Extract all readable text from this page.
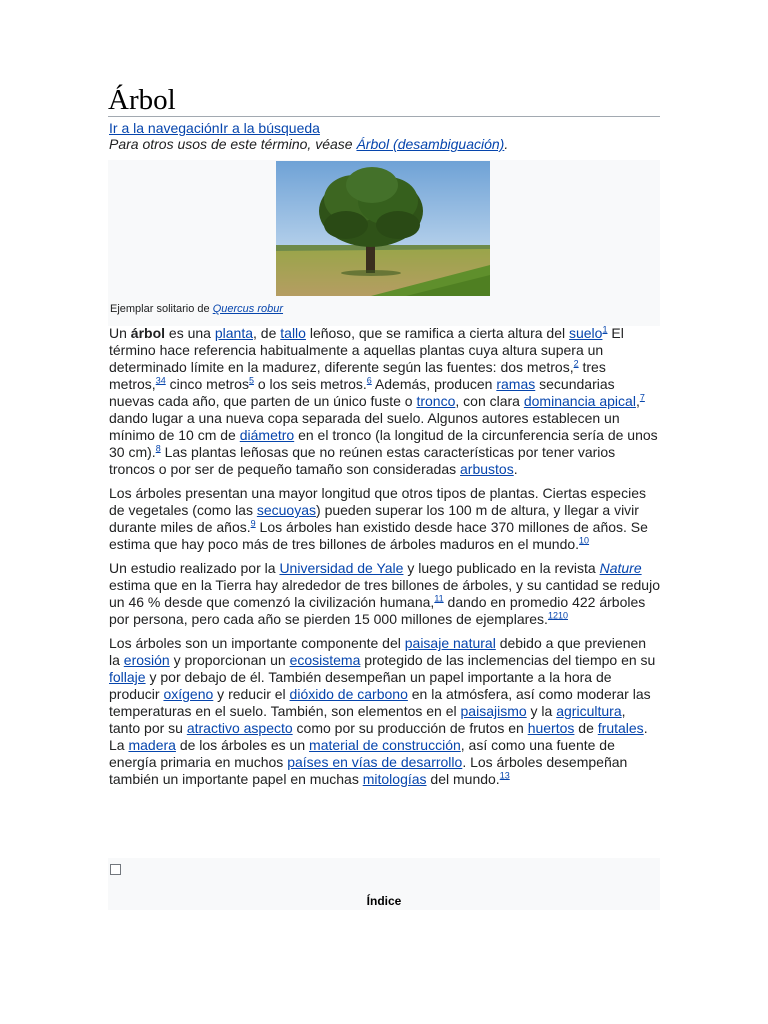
Árbol
Ir a la navegaciónIr a la búsqueda
Para otros usos de este término, véase Árbol (desambiguación).
Ejemplar solitario de Quercus robur

Un árbol es una planta, de tallo leñoso, que se ramifica a cierta altura del suelo$^1$ El término hace referencia habitualmente a aquellas plantas cuya altura supera un determinado límite en la madurez, diferente según las fuentes: dos metros,$^2$ tres metros,$^{34}$ cinco metros$^5$ o los seis metros.$^6$ Además, producen ramas secundarias nuevas cada año, que parten de un único fuste o tronco, con clara dominancia apical,$^7$ dando lugar a una nueva copa separada del suelo. Algunos autores establecen un mínimo de 10 cm de diámetro en el tronco (la longitud de la circunferencia sería de unos 30 cm).$^8$ Las plantas leñosas que no reúnen estas características por tener varios troncos o por ser de pequeño tamaño son consideradas arbustos.

Los árboles presentan una mayor longitud que otros tipos de plantas. Ciertas especies de vegetales (como las secuoyas) pueden superar los 100 m de altura, y llegar a vivir durante miles de años.$^9$ Los árboles han existido desde hace 370 millones de años. Se estima que hay poco más de tres billones de árboles maduros en el mundo.$^{10}$

Un estudio realizado por la Universidad de Yale y luego publicado en la revista Nature estima que en la Tierra hay alrededor de tres billones de árboles, y su cantidad se redujo un 46 % desde que comenzó la civilización humana,$^{11}$ dando en promedio 422 árboles por persona, pero cada año se pierden 15 000 millones de ejemplares.$^{1210}$

Los árboles son un importante componente del paisaje natural debido a que previenen la erosión y proporcionan un ecosistema protegido de las inclemencias del tiempo en su follaje y por debajo de él. También desempeñan un papel importante a la hora de producir oxígeno y reducir el dióxido de carbono en la atmósfera, así como moderar las temperaturas en el suelo. También, son elementos en el paisajismo y la agricultura, tanto por su atractivo aspecto como por su producción de frutos en huertos de frutales. La madera de los árboles es un material de construcción, así como una fuente de energía primaria en muchos países en vías de desarrollo. Los árboles desempeñan también un importante papel en muchas mitologías del mundo.$^{13}$

Índice
